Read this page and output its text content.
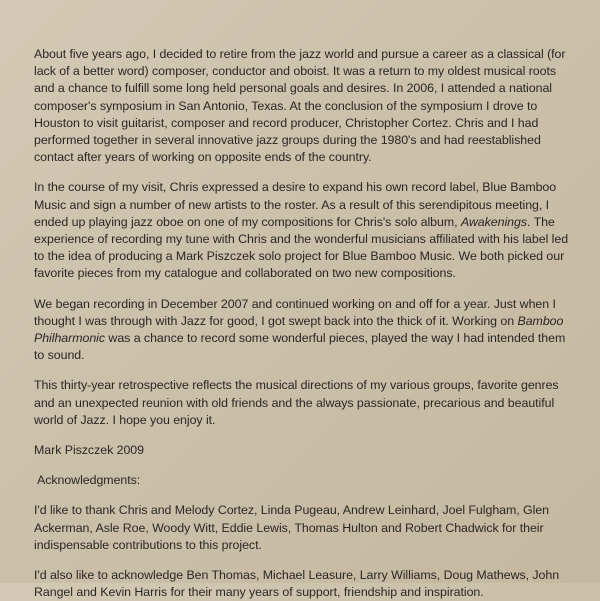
About five years ago, I decided to retire from the jazz world and pursue a career as a classical (for lack of a better word) composer, conductor and oboist. It was a return to my oldest musical roots and a chance to fulfill some long held personal goals and desires. In 2006, I attended a national composer's symposium in San Antonio, Texas. At the conclusion of the symposium I drove to Houston to visit guitarist, composer and record producer, Christopher Cortez. Chris and I had performed together in several innovative jazz groups during the 1980's and had reestablished contact after years of working on opposite ends of the country.

In the course of my visit, Chris expressed a desire to expand his own record label, Blue Bamboo Music and sign a number of new artists to the roster. As a result of this serendipitous meeting, I ended up playing jazz oboe on one of my compositions for Chris's solo album, Awakenings. The experience of recording my tune with Chris and the wonderful musicians affiliated with his label led to the idea of producing a Mark Piszczek solo project for Blue Bamboo Music. We both picked our favorite pieces from my catalogue and collaborated on two new compositions.

We began recording in December 2007 and continued working on and off for a year. Just when I thought I was through with Jazz for good, I got swept back into the thick of it. Working on Bamboo Philharmonic was a chance to record some wonderful pieces, played the way I had intended them to sound.

This thirty-year retrospective reflects the musical directions of my various groups, favorite genres and an unexpected reunion with old friends and the always passionate, precarious and beautiful world of Jazz. I hope you enjoy it.

Mark Piszczek 2009

Acknowledgments:

I'd like to thank Chris and Melody Cortez, Linda Pugeau, Andrew Leinhard, Joel Fulgham, Glen Ackerman, Asle Roe, Woody Witt, Eddie Lewis, Thomas Hulton and Robert Chadwick for their indispensable contributions to this project.

I'd also like to acknowledge Ben Thomas, Michael Leasure, Larry Williams, Doug Mathews, John Rangel and Kevin Harris for their many years of support, friendship and inspiration.
